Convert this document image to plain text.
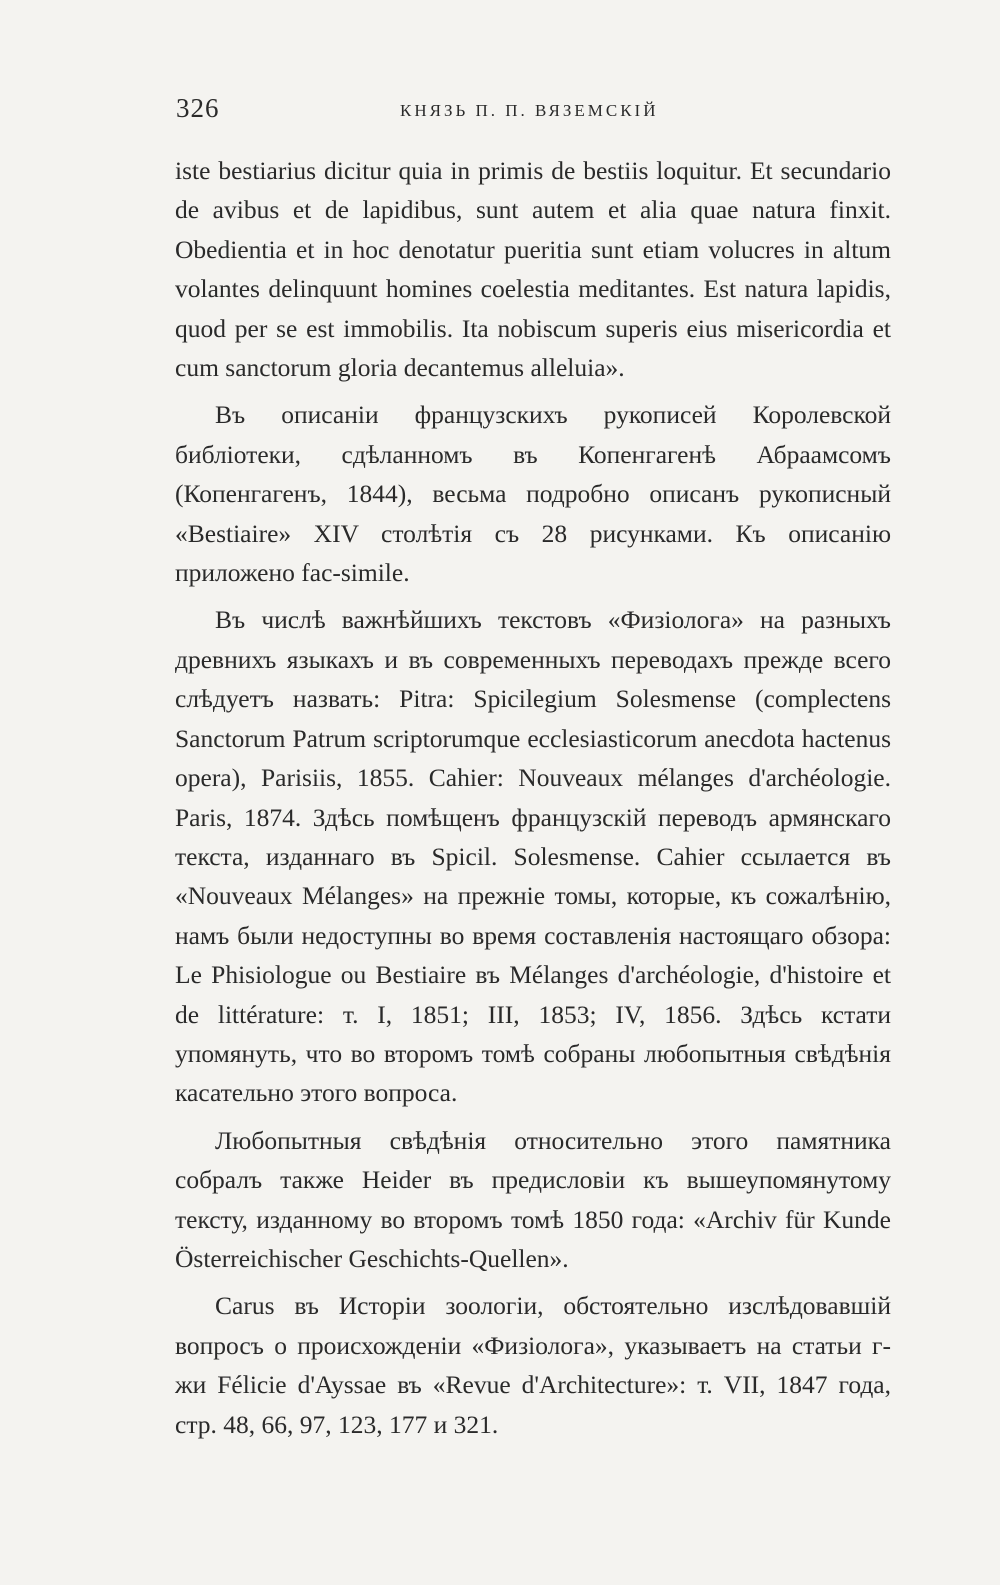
326	КНЯЗЬ П. П. ВЯЗЕМСКІЙ

iste bestiarius dicitur quia in primis de bestiis loquitur. Et secundario de avibus et de lapidibus, sunt autem et alia quae natura finxit. Obedientia et in hoc denotatur pueritia sunt etiam volucres in altum volantes delinquunt homines coelestia meditantes. Est natura lapidis, quod per se est immobilis. Ita nobiscum superis eius misericordia et cum sanctorum gloria decantemus alleluia».

Въ описаніи французскихъ рукописей Королевской библіотеки, сдѣланномъ въ Копенгагенѣ Абраамсомъ (Копенгагенъ, 1844), весьма подробно описанъ рукописный «Bestiaire» XIV столѣтія съ 28 рисунками. Къ описанію приложено fac-simile.

Въ числѣ важнѣйшихъ текстовъ «Физіолога» на разныхъ древнихъ языкахъ и въ современныхъ переводахъ прежде всего слѣдуетъ назвать: Pitra: Spicilegium Solesmense (complectens Sanctorum Patrum scriptorumque ecclesiasticorum anecdota hactenus opera), Parisiis, 1855. Cahier: Nouveaux mélanges d'archéologie. Paris, 1874. Здѣсь помѣщенъ французскій переводъ армянскаго текста, изданнаго въ Spicil. Solesmense. Cahier ссылается въ «Nouveaux Mélanges» на прежніе томы, которые, къ сожалѣнію, намъ были недоступны во время составленія настоящаго обзора: Le Phisiologue ou Bestiaire въ Mélanges d'archéologie, d'histoire et de littérature: т. I, 1851; III, 1853; IV, 1856. Здѣсь кстати упомянуть, что во второмъ томѣ собраны любопытныя свѣдѣнія касательно этого вопроса.

Любопытныя свѣдѣнія относительно этого памятника собралъ также Heider въ предисловіи къ вышеупомянутому тексту, изданному во второмъ томѣ 1850 года: «Archiv für Kunde Österreichischer Geschichts-Quellen».

Carus въ Исторіи зоологіи, обстоятельно изслѣдовавшій вопросъ о происхожденіи «Физіолога», указываетъ на статьи г-жи Félicie d'Ayssae въ «Revue d'Architecture»: т. VII, 1847 года, стр. 48, 66, 97, 123, 177 и 321.
